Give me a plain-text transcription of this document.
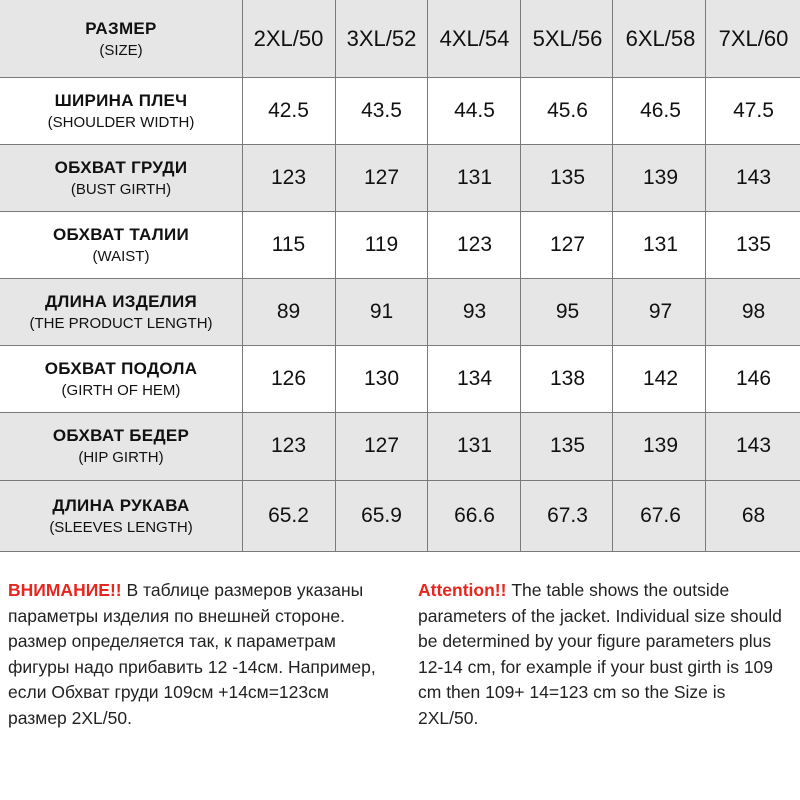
РАЗМЕР
(SIZE)	2XL/50	3XL/52	4XL/54	5XL/56	6XL/58	7XL/60
ШИРИНА ПЛЕЧ
(SHOULDER WIDTH)
42.5	43.5	44.5	45.6	46.5	47.5
ОБХВАТ ГРУДИ
(BUST GIRTH)
123	127	131	135	139	143
ОБХВАТ ТАЛИИ
(WAIST)
115	119	123	127	131	135
ДЛИНА ИЗДЕЛИЯ
(THE PRODUCT LENGTH)
89	91	93	95	97	98
ОБХВАТ ПОДОЛА
(GIRTH OF HEM)
126	130	134	138	142	146
ОБХВАТ БЕДЕР
(HIP GIRTH)
123	127	131	135	139	143
ДЛИНА РУКАВА
(SLEEVES LENGTH)
65.2	65.9	66.6	67.3	67.6	68
ВНИМАНИЕ!! В таблице размеров указаны параметры изделия по внешней стороне. размер определяется так, к параметрам фигуры надо прибавить 12 -14см. Например, если Обхват груди 109см +14см=123см размер 2XL/50.
Attention!! The table shows the outside parameters of the jacket. Individual size should be determined by your figure parameters plus 12-14 cm, for example if your bust girth is 109 cm then 109+ 14=123 cm so the Size is 2XL/50.
